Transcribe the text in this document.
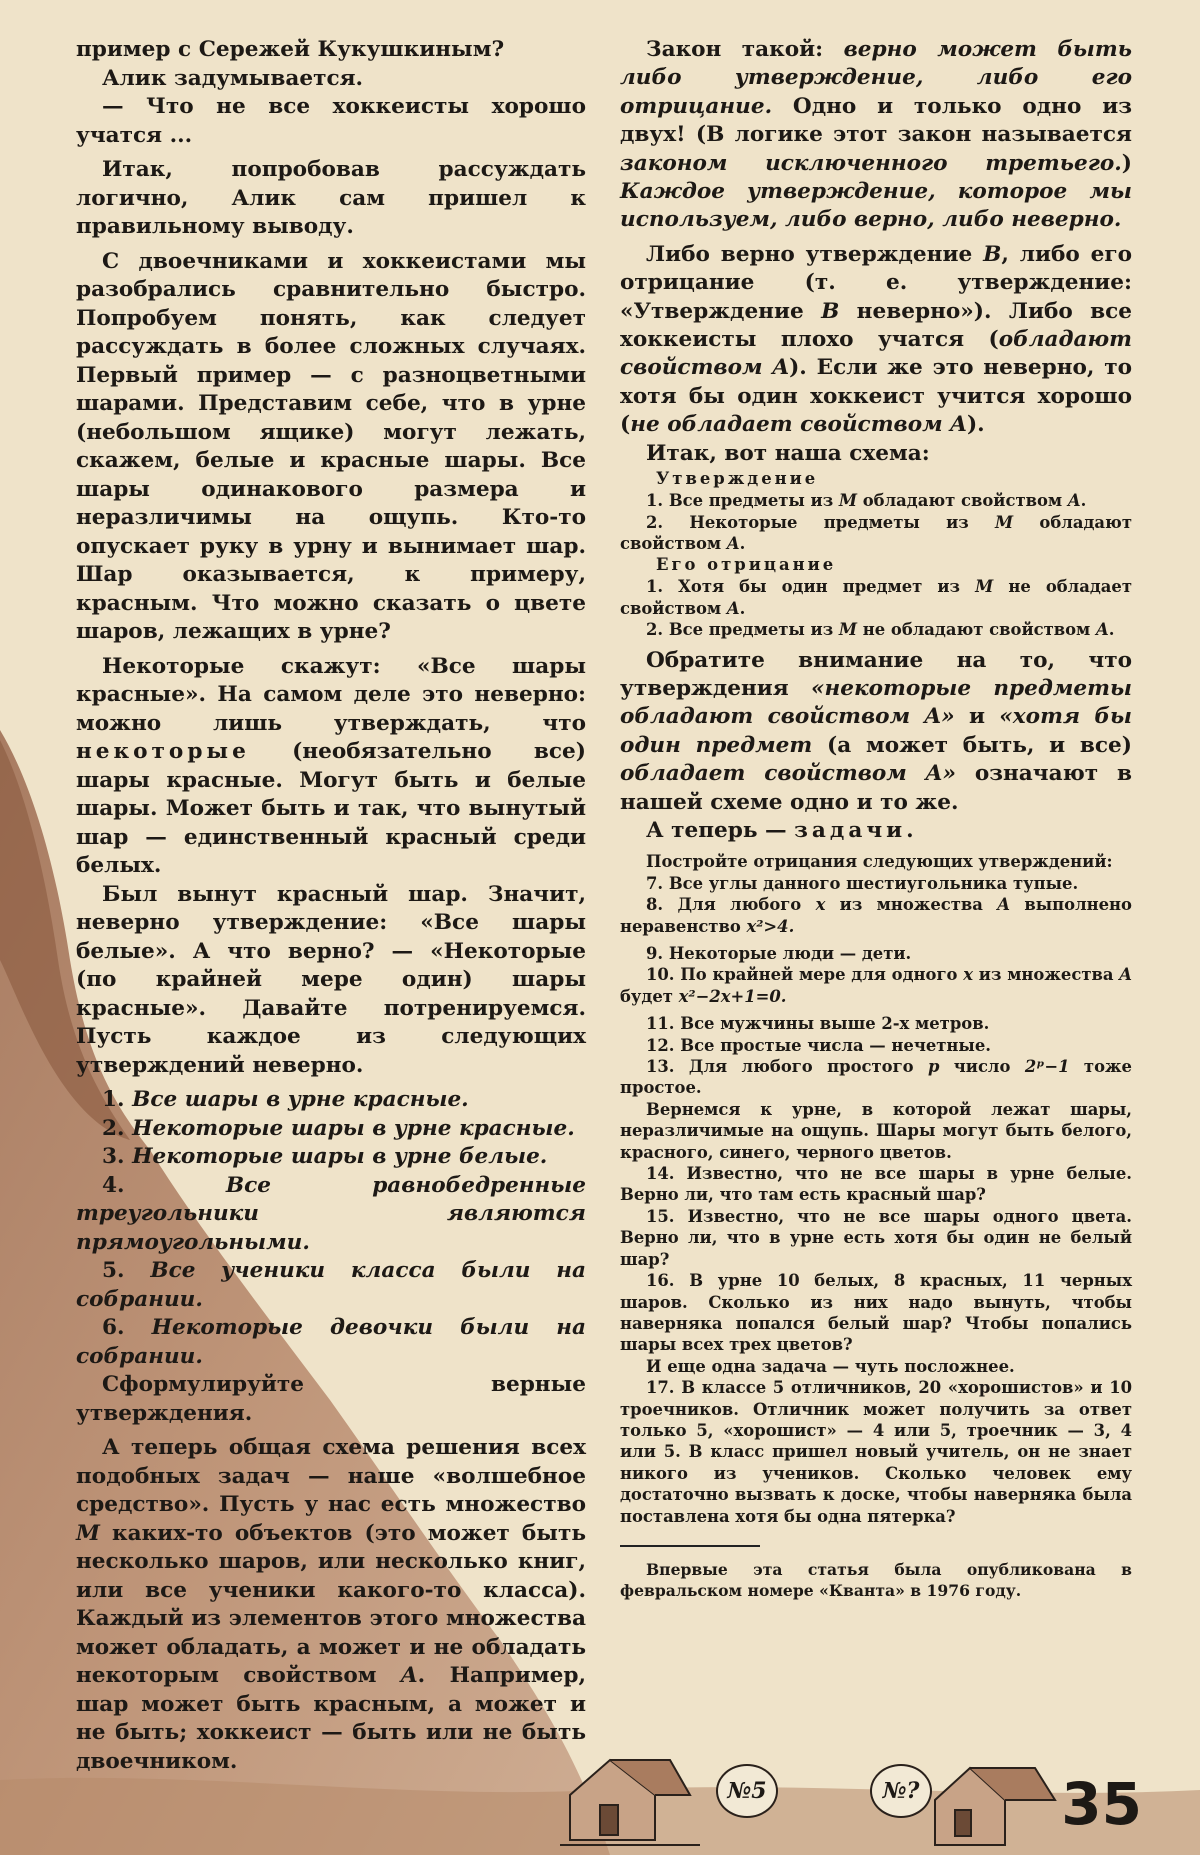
№5	№?

пример с Сережей Кукушкиным?

Алик задумывается.

— Что не все хоккеисты хорошо учатся ...

Итак, попробовав рассуждать логично, Алик сам пришел к правильному выводу.

С двоечниками и хоккеистами мы разобрались сравнительно быстро. Попробуем понять, как следует рассуждать в более сложных случаях. Первый пример — с разноцветными шарами. Представим себе, что в урне (небольшом ящике) могут лежать, скажем, белые и красные шары. Все шары одинакового размера и неразличимы на ощупь. Кто-то опускает руку в урну и вынимает шар. Шар оказывается, к примеру, красным. Что можно сказать о цвете шаров, лежащих в урне?

Некоторые скажут: «Все шары красные». На самом деле это неверно: можно лишь утверждать, что некоторые (необязательно все) шары красные. Могут быть и белые шары. Может быть и так, что вынутый шар — единственный красный среди белых.

Был вынут красный шар. Значит, неверно утверждение: «Все шары белые». А что верно? — «Некоторые (по крайней мере один) шары красные». Давайте потренируемся. Пусть каждое из следующих утверждений неверно.

1. Все шары в урне красные.

2. Некоторые шары в урне красные.

3. Некоторые шары в урне белые.

4.	Все равнобедренные треугольники являются прямоугольными.

5. Все ученики класса были на собрании.

6. Некоторые девочки были на собрании.

Сформулируйте верные утверждения.

А теперь общая схема решения всех подобных задач — наше «волшебное средство». Пусть у нас есть множество M каких-то объектов (это может быть несколько шаров, или несколько книг, или все ученики какого-то класса). Каждый из элементов этого множества может обладать, а может и не обладать некоторым свойством A. Например, шар может быть красным, а может и не быть; хоккеист — быть или не быть двоечником.

Закон такой: верно может быть либо утверждение, либо его отрицание. Одно и только одно из двух! (В логике этот закон называется законом исключенного третьего.) Каждое утверждение, которое мы используем, либо верно, либо неверно.

Либо верно утверждение B, либо его отрицание (т. е. утверждение: «Утверждение B неверно»). Либо все хоккеисты плохо учатся (обладают свойством A). Если же это неверно, то хотя бы один хоккеист учится хорошо (не обладает свойством A).

Итак, вот наша схема:

Утверждение

1. Все предметы из M обладают свойством A.

2. Некоторые предметы из M обладают свойством A.

Его отрицание

1. Хотя бы один предмет из M не обладает свойством A.

2. Все предметы из M не обладают свойством A.

Обратите внимание на то, что утверждения «некоторые предметы обладают свойством A» и «хотя бы один предмет (а может быть, и все) обладает свойством A» означают в нашей схеме одно и то же.

А теперь — задачи.

Постройте отрицания следующих утверждений:

7. Все углы данного шестиугольника тупые.

8. Для любого x из множества A выполнено неравенство x²>4.

9. Некоторые люди — дети.

10. По крайней мере для одного x из множества A будет x²−2x+1=0.

11. Все мужчины выше 2-х метров.

12. Все простые числа — нечетные.

13. Для любого простого p число 2ᵖ−1 тоже простое.

Вернемся к урне, в которой лежат шары, неразличимые на ощупь. Шары могут быть белого, красного, синего, черного цветов.

14. Известно, что не все шары в урне белые. Верно ли, что там есть красный шар?

15. Известно, что не все шары одного цвета. Верно ли, что в урне есть хотя бы один не белый шар?

16. В урне 10 белых, 8 красных, 11 черных шаров. Сколько из них надо вынуть, чтобы наверняка попался белый шар? Чтобы попались шары всех трех цветов?

И еще одна задача — чуть посложнее.

17. В классе 5 отличников, 20 «хорошистов» и 10 троечников. Отличник может получить за ответ только 5, «хорошист» — 4 или 5, троечник — 3, 4 или 5. В класс пришел новый учитель, он не знает никого из учеников. Сколько человек ему достаточно вызвать к доске, чтобы наверняка была поставлена хотя бы одна пятерка?

Впервые эта статья была опубликована в февральском номере «Кванта» в 1976 году.

35
